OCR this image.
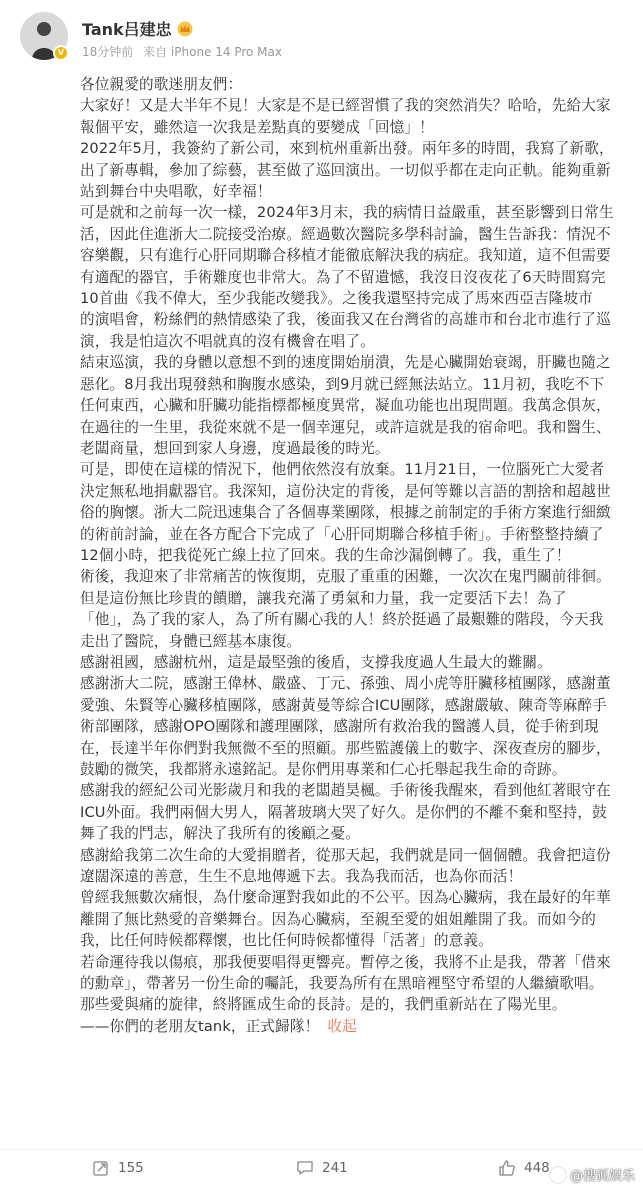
V
Tank吕建忠
18分钟前 来自 iPhone 14 Pro Max

各位親愛的歌迷朋友們：

大家好！又是大半年不見！大家是不是已經習慣了我的突然消失？哈哈，先給大家

報個平安，雖然這一次我是差點真的要變成「回憶」！

2022年5月，我簽約了新公司，來到杭州重新出發。兩年多的時間，我寫了新歌，

出了新專輯，參加了綜藝，甚至做了巡回演出。一切似乎都在走向正軌。能夠重新

站到舞台中央唱歌，好幸福！

可是就和之前每一次一樣，2024年3月末，我的病情日益嚴重，甚至影響到日常生

活，因此住進浙大二院接受治療。經過數次醫院多學科討論，醫生告訴我：情況不

容樂觀，只有進行心肝同期聯合移植才能徹底解決我的病症。我知道，這不但需要

有適配的器官，手術難度也非常大。為了不留遺憾，我沒日沒夜花了6天時間寫完

10首曲《我不偉大，至少我能改變我》。之後我還堅持完成了馬來西亞吉隆坡市

的演唱會，粉絲們的熱情感染了我，後面我又在台灣省的高雄市和台北市進行了巡

演，我是怕這次不唱就真的沒有機會在唱了。

結束巡演，我的身體以意想不到的速度開始崩潰，先是心臟開始衰竭，肝臟也隨之

惡化。8月我出現發熱和胸腹水感染，到9月就已經無法站立。11月初，我吃不下

任何東西，心臟和肝臟功能指標都極度異常，凝血功能也出現問題。我萬念俱灰，

在過往的一生里，我從來就不是一個幸運兒，或許這就是我的宿命吧。我和醫生、

老闆商量，想回到家人身邊，度過最後的時光。

可是，即使在這樣的情況下，他們依然沒有放棄。11月21日，一位腦死亡大愛者

決定無私地捐獻器官。我深知，這份決定的背後，是何等難以言語的割捨和超越世

俗的胸懷。浙大二院迅速集合了各個專業團隊，根據之前制定的手術方案進行細緻

的術前討論，並在各方配合下完成了「心肝同期聯合移植手術」。手術整整持續了

12個小時，把我從死亡線上拉了回來。我的生命沙漏倒轉了。我，重生了！

術後，我迎來了非常痛苦的恢復期，克服了重重的困難，一次次在鬼門關前徘徊。

但是這份無比珍貴的饋贈，讓我充滿了勇氣和力量，我一定要活下去！為了

「他」，為了我的家人，為了所有關心我的人！終於挺過了最艱難的階段，今天我

走出了醫院，身體已經基本康復。

感謝祖國，感謝杭州，這是最堅強的後盾，支撐我度過人生最大的難關。

感謝浙大二院，感謝王偉林、嚴盛、丁元、孫強、周小虎等肝臟移植團隊，感謝董

愛強、朱賢等心臟移植團隊，感謝黃曼等綜合ICU團隊，感謝嚴敏、陳奇等麻醉手

術部團隊，感謝OPO團隊和護理團隊，感謝所有救治我的醫護人員，從手術到現

在，長達半年你們對我無微不至的照顧。那些監護儀上的數字、深夜查房的腳步，

鼓勵的微笑，我都將永遠銘記。是你們用專業和仁心托舉起我生命的奇跡。

感謝我的經紀公司光影歲月和我的老闆趙昊楓。手術後我醒來，看到他紅著眼守在

ICU外面。我們兩個大男人，隔著玻璃大哭了好久。是你們的不離不棄和堅持，鼓

舞了我的鬥志，解決了我所有的後顧之憂。

感謝給我第二次生命的大愛捐贈者，從那天起，我們就是同一個個體。我會把這份

遼闊深遠的善意，生生不息地傳遞下去。我為我而活，也為你而活！

曾經我無數次痛恨，為什麼命運對我如此的不公平。因為心臟病，我在最好的年華

離開了無比熱愛的音樂舞台。因為心臟病，至親至愛的姐姐離開了我。而如今的

我，比任何時候都釋懷，也比任何時候都懂得「活著」的意義。

若命運待我以傷痕，那我便要唱得更響亮。暫停之後，我將不止是我，帶著「借來

的勳章」，帶著另一份生命的囑託，我要為所有在黑暗裡堅守希望的人繼續歌唱。

那些愛與痛的旋律，終將匯成生命的長詩。是的，我們重新站在了陽光里。

——你們的老朋友tank，正式歸隊！ 收起

155	241	448
@搜狐娱乐
